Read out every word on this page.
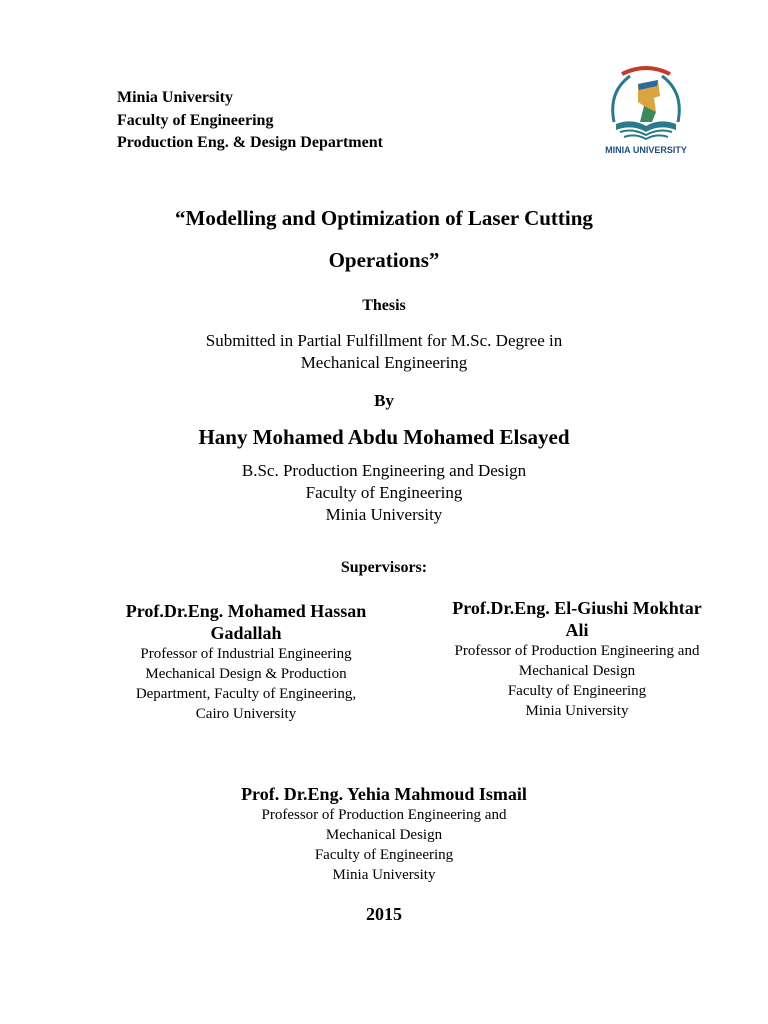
Minia University
Faculty of Engineering
Production Eng. & Design Department	MINIA UNIVERSITY
“Modelling and Optimization of Laser Cutting
Operations”
Thesis
Submitted in Partial Fulfillment for M.Sc. Degree in
Mechanical Engineering
By
Hany Mohamed Abdu Mohamed Elsayed
B.Sc. Production Engineering and Design
Faculty of Engineering
Minia University
Supervisors:
Prof.Dr.Eng. Mohamed Hassan
Gadallah
Professor of Industrial Engineering
Mechanical Design & Production
Department, Faculty of Engineering,
Cairo University
Prof.Dr.Eng. El-Giushi Mokhtar
Ali
Professor of Production Engineering and
Mechanical Design
Faculty of Engineering
Minia University
Prof. Dr.Eng. Yehia Mahmoud Ismail
Professor of Production Engineering and
Mechanical Design
Faculty of Engineering
Minia University
2015
